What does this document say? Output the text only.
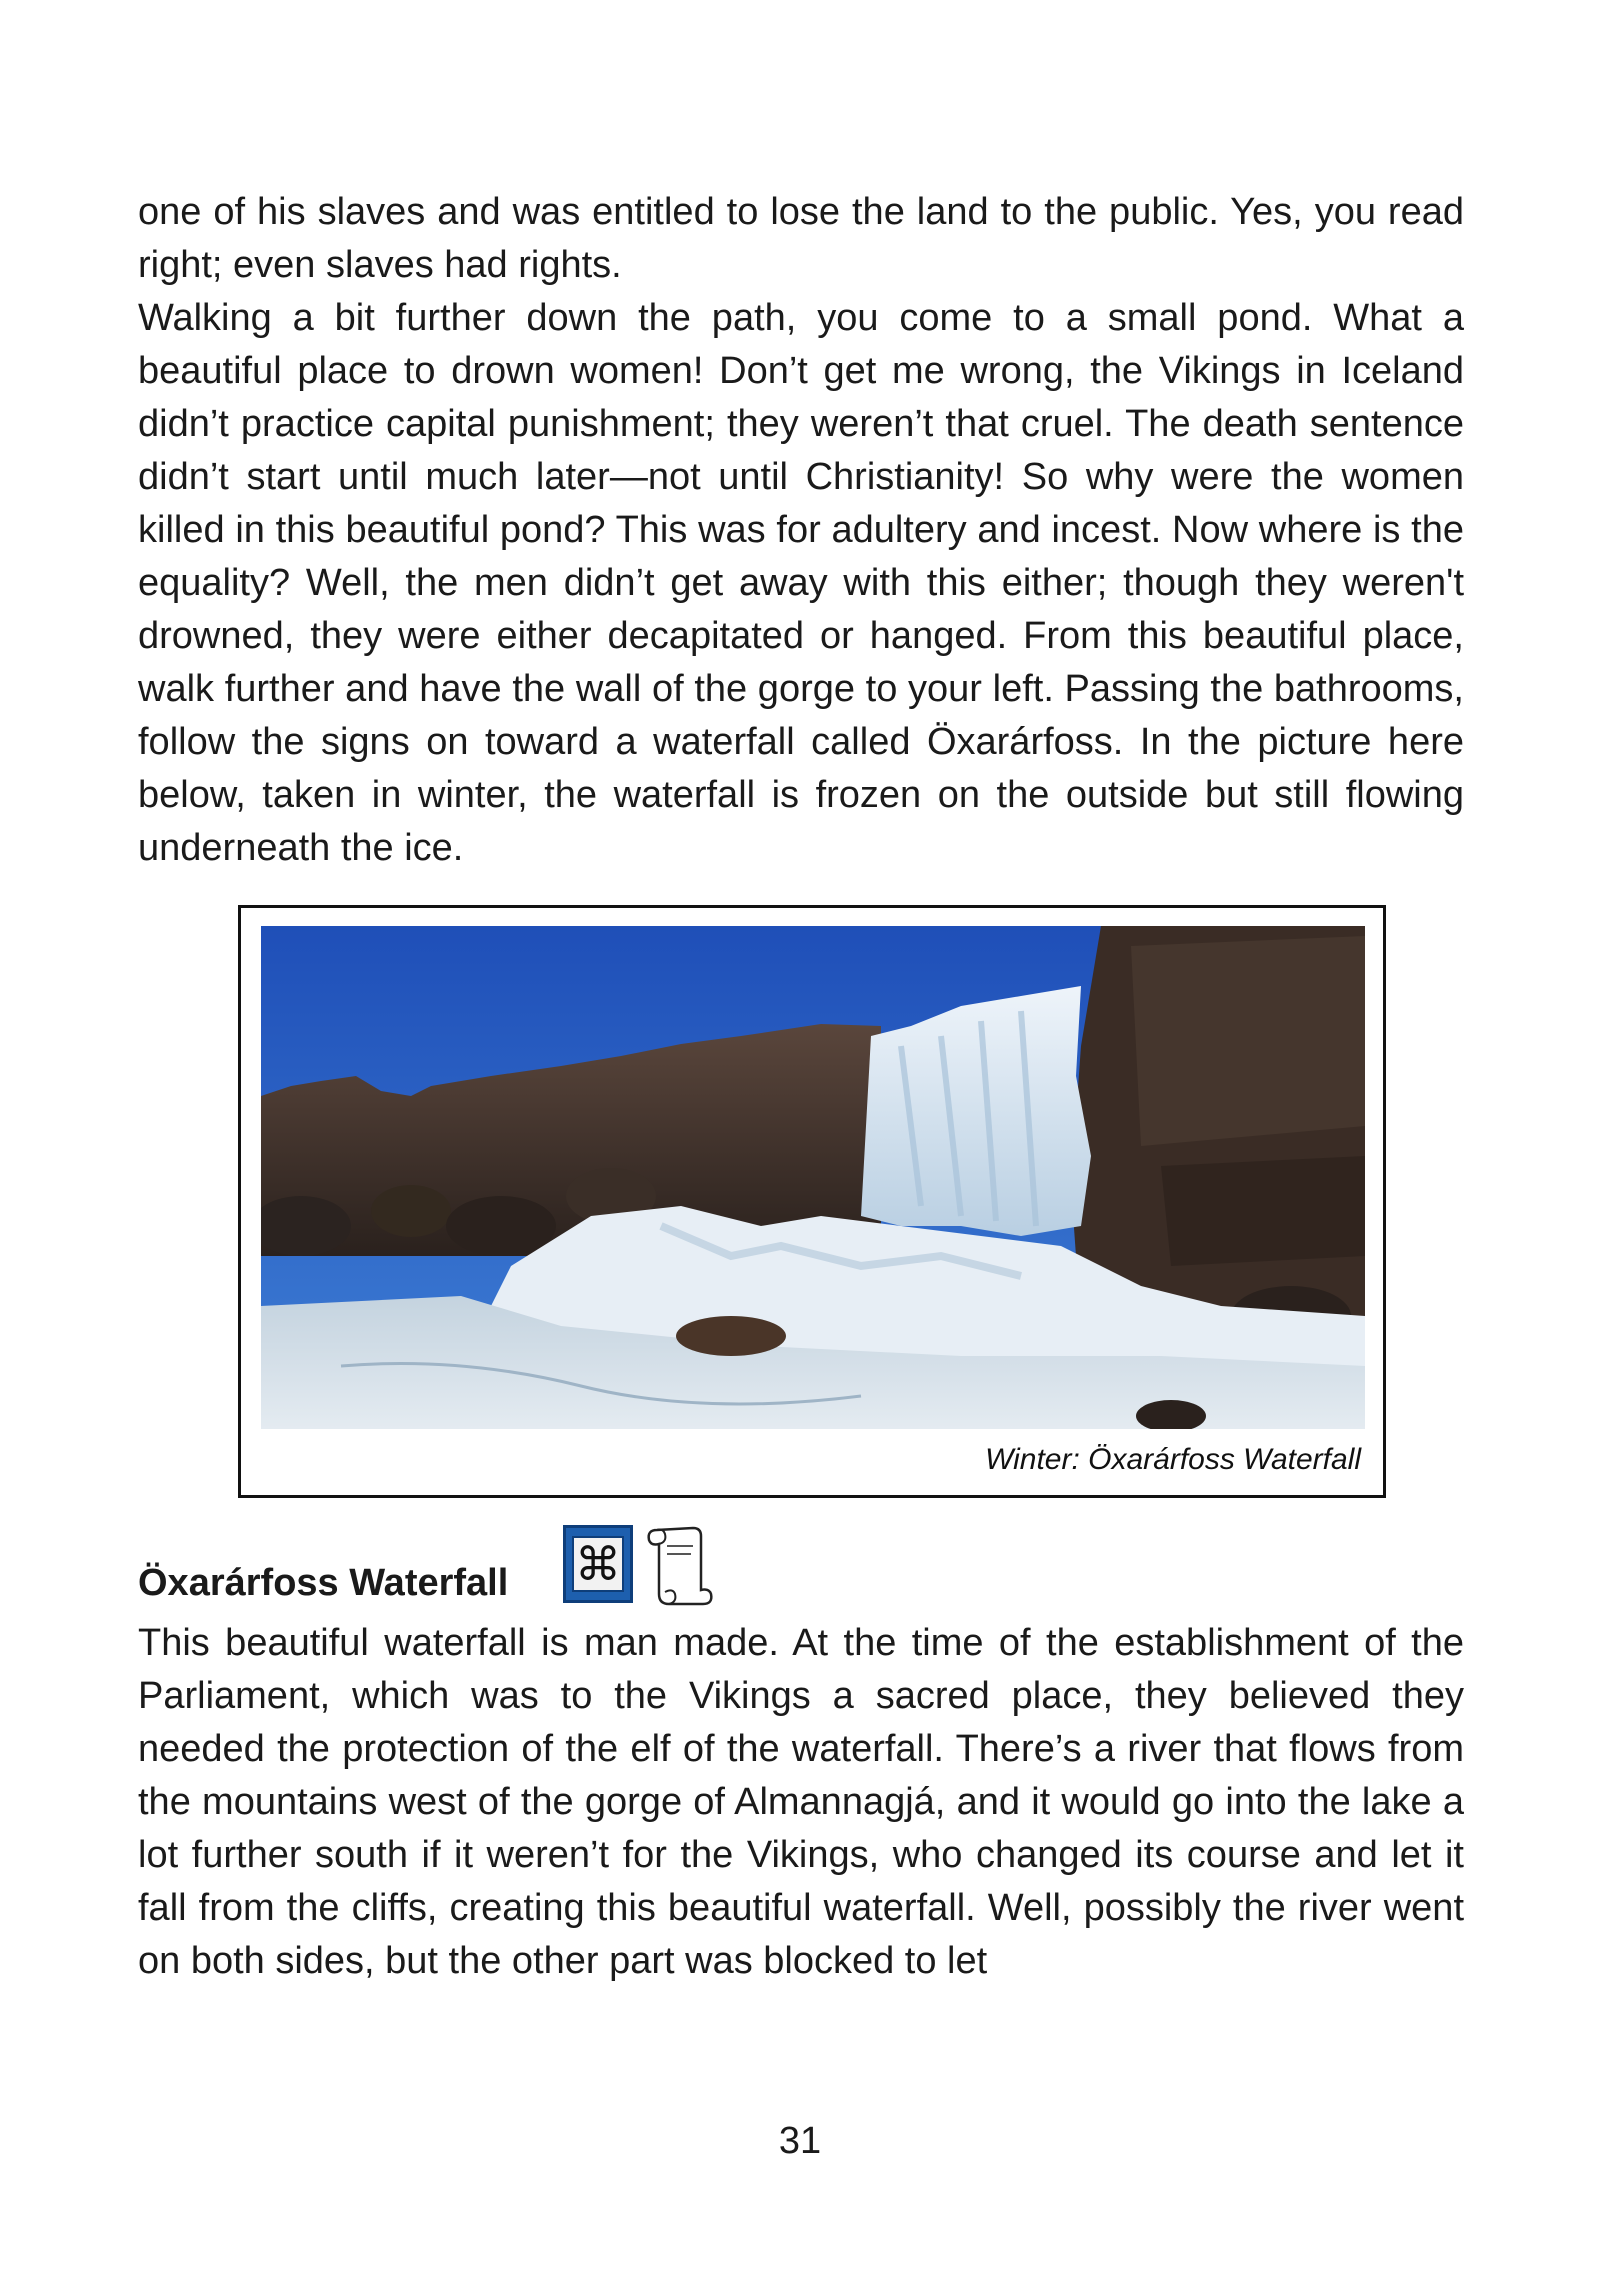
one of his slaves and was entitled to lose the land to the public. Yes, you read right; even slaves had rights.

Walking a bit further down the path, you come to a small pond. What a beautiful place to drown women! Don’t get me wrong, the Vikings in Iceland didn’t practice capital punishment; they weren’t that cruel. The death sentence didn’t start until much later—not until Christianity! So why were the women killed in this beautiful pond? This was for adultery and incest. Now where is the equality? Well, the men didn’t get away with this either; though they weren't drowned, they were either decapitated or hanged. From this beautiful place, walk further and have the wall of the gorge to your left. Passing the bathrooms, follow the signs on toward a waterfall called Öxarárfoss. In the picture here below, taken in winter, the waterfall is frozen on the outside but still flowing underneath the ice.

Winter: Öxarárfoss Waterfall
Öxarárfoss Waterfall ⌘

This beautiful waterfall is man made. At the time of the establishment of the Parliament, which was to the Vikings a sacred place, they believed they needed the protection of the elf of the waterfall. There’s a river that flows from the mountains west of the gorge of Almannagjá, and it would go into the lake a lot further south if it weren’t for the Vikings, who changed its course and let it fall from the cliffs, creating this beautiful waterfall. Well, possibly the river went on both sides, but the other part was blocked to let

31
